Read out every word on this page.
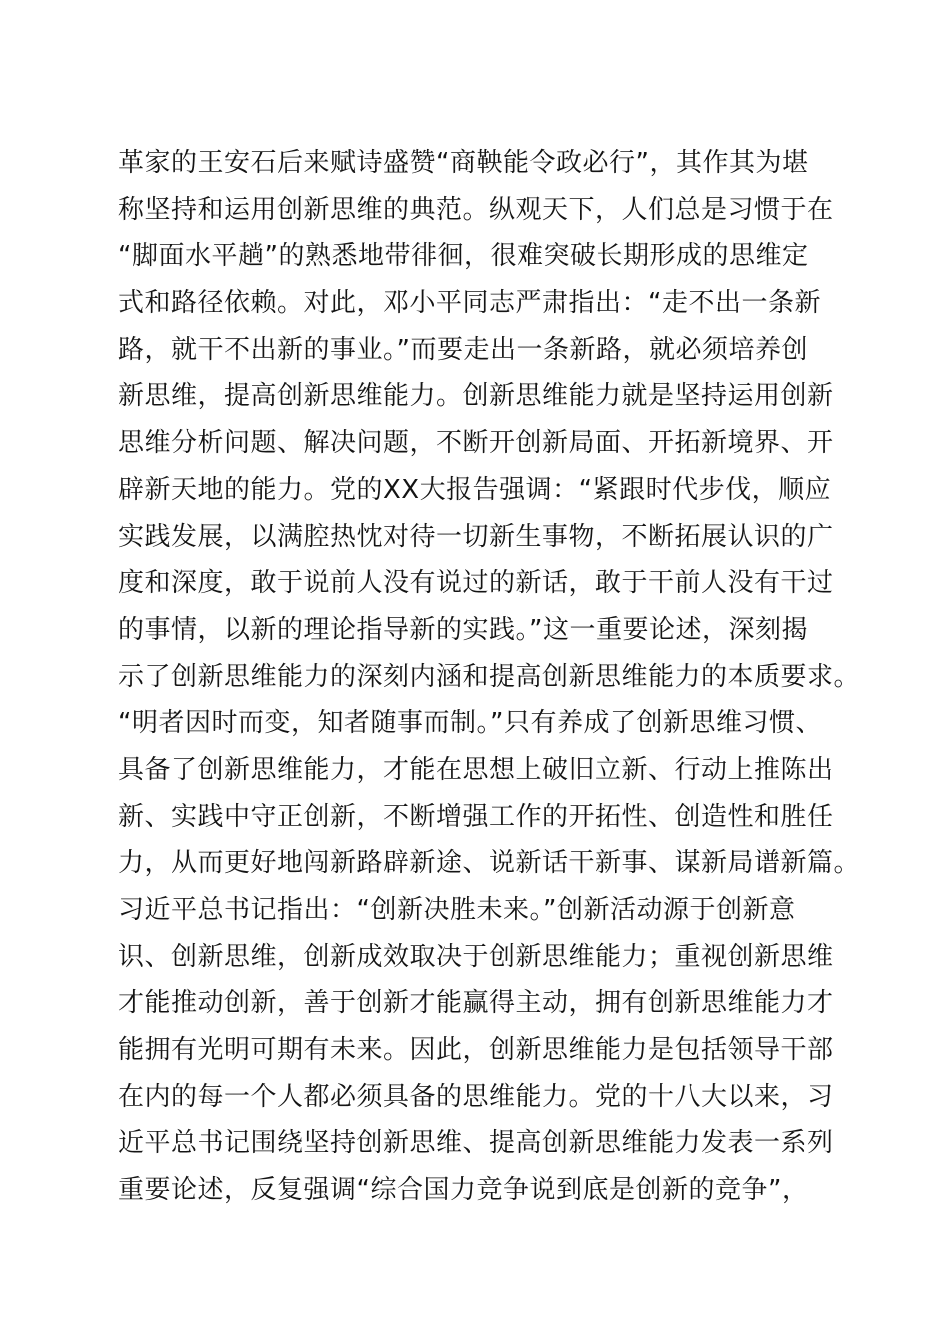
革家的王安石后来赋诗盛赞“商鞅能令政必行”，其作其为堪
称坚持和运用创新思维的典范。纵观天下，人们总是习惯于在
“脚面水平趟”的熟悉地带徘徊，很难突破长期形成的思维定
式和路径依赖。对此，邓小平同志严肃指出：“走不出一条新
路，就干不出新的事业。”而要走出一条新路，就必须培养创
新思维，提高创新思维能力。创新思维能力就是坚持运用创新
思维分析问题、解决问题，不断开创新局面、开拓新境界、开
辟新天地的能力。党的XX大报告强调：“紧跟时代步伐，顺应
实践发展，以满腔热忱对待一切新生事物，不断拓展认识的广
度和深度，敢于说前人没有说过的新话，敢于干前人没有干过
的事情，以新的理论指导新的实践。”这一重要论述，深刻揭
示了创新思维能力的深刻内涵和提高创新思维能力的本质要求。
“明者因时而变，知者随事而制。”只有养成了创新思维习惯、
具备了创新思维能力，才能在思想上破旧立新、行动上推陈出
新、实践中守正创新，不断增强工作的开拓性、创造性和胜任
力，从而更好地闯新路辟新途、说新话干新事、谋新局谱新篇。
习近平总书记指出：“创新决胜未来。”创新活动源于创新意
识、创新思维，创新成效取决于创新思维能力；重视创新思维
才能推动创新，善于创新才能赢得主动，拥有创新思维能力才
能拥有光明可期有未来。因此，创新思维能力是包括领导干部
在内的每一个人都必须具备的思维能力。党的十八大以来，习
近平总书记围绕坚持创新思维、提高创新思维能力发表一系列
重要论述，反复强调“综合国力竞争说到底是创新的竞争”，
